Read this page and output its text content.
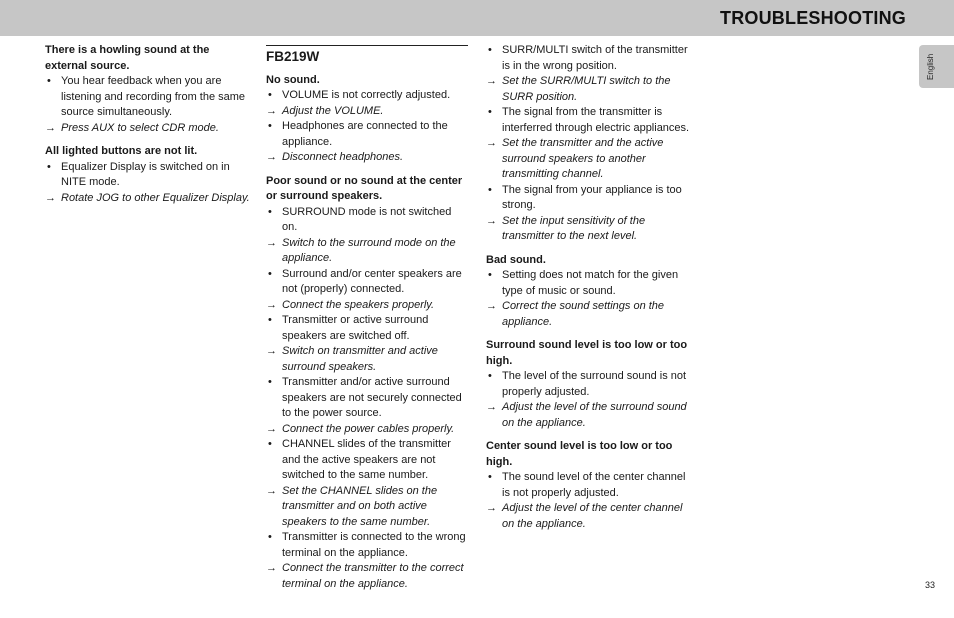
TROUBLESHOOTING
English
33

There is a howling sound at the external source.

• You hear feedback when you are listening and recording from the same source simultaneously.

→ Press AUX to select CDR mode.

All lighted buttons are not lit.

• Equalizer Display is switched on in NITE mode.

→ Rotate JOG to other Equalizer Display.

FB219W

No sound.

• VOLUME is not correctly adjusted.

→ Adjust the VOLUME.

• Headphones are connected to the appliance.

→ Disconnect headphones.

Poor sound or no sound at the center or surround speakers.

• SURROUND mode is not switched on.

→ Switch to the surround mode on the appliance.

• Surround and/or center speakers are not (properly) connected.

→ Connect the speakers properly.

• Transmitter or active surround speakers are switched off.

→ Switch on transmitter and active surround speakers.

• Transmitter and/or active surround speakers are not securely connected to the power source.

→ Connect the power cables properly.

• CHANNEL slides of the transmitter and the active speakers are not switched to the same number.

→ Set the CHANNEL slides on the transmitter and on both active speakers to the same number.

• Transmitter is connected to the wrong terminal on the appliance.

→ Connect the transmitter to the correct terminal on the appliance.

• SURR/MULTI switch of the transmitter is in the wrong position.

→ Set the SURR/MULTI switch to the SURR position.

• The signal from the transmitter is interferred through electric appliances.

→ Set the transmitter and the active surround speakers to another transmitting channel.

• The signal from your appliance is too strong.

→ Set the input sensitivity of the transmitter to the next level.

Bad sound.

• Setting does not match for the given type of music or sound.

→ Correct the sound settings on the appliance.

Surround sound level is too low or too high.

• The level of the surround sound is not properly adjusted.

→ Adjust the level of the surround sound on the appliance.

Center sound level is too low or too high.

• The sound level of the center channel is not properly adjusted.

→ Adjust the level of the center channel on the appliance.
